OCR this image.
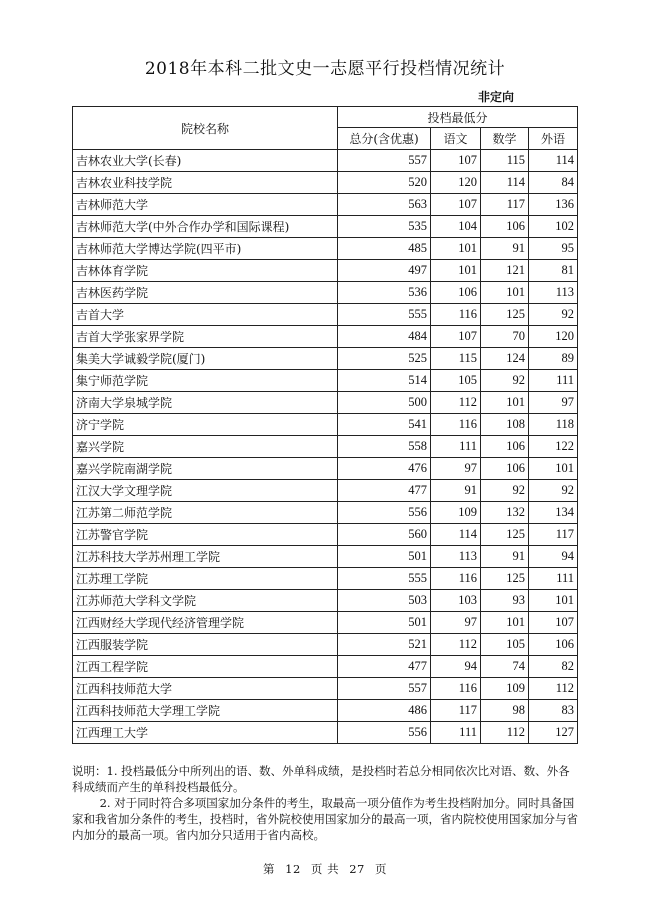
2018年本科二批文史一志愿平行投档情况统计
非定向
院校名称	投档最低分			
	总分(含优惠)	语文	数学	外语
吉林农业大学(长春)	557	107	115	114
吉林农业科技学院	520	120	114	84
吉林师范大学	563	107	117	136
吉林师范大学(中外合作办学和国际课程)	535	104	106	102
吉林师范大学博达学院(四平市)	485	101	91	95
吉林体育学院	497	101	121	81
吉林医药学院	536	106	101	113
吉首大学	555	116	125	92
吉首大学张家界学院	484	107	70	120
集美大学诚毅学院(厦门)	525	115	124	89
集宁师范学院	514	105	92	111
济南大学泉城学院	500	112	101	97
济宁学院	541	116	108	118
嘉兴学院	558	111	106	122
嘉兴学院南湖学院	476	97	106	101
江汉大学文理学院	477	91	92	92
江苏第二师范学院	556	109	132	134
江苏警官学院	560	114	125	117
江苏科技大学苏州理工学院	501	113	91	94
江苏理工学院	555	116	125	111
江苏师范大学科文学院	503	103	93	101
江西财经大学现代经济管理学院	501	97	101	107
江西服装学院	521	112	105	106
江西工程学院	477	94	74	82
江西科技师范大学	557	116	109	112
江西科技师范大学理工学院	486	117	98	83
江西理工大学	556	111	112	127

说明：1. 投档最低分中所列出的语、数、外单科成绩，是投档时若总分相同依次比对语、数、外各科成绩而产生的单科投档最低分。

2. 对于同时符合多项国家加分条件的考生，取最高一项分值作为考生投档附加分。同时具备国家和我省加分条件的考生，投档时，省外院校使用国家加分的最高一项，省内院校使用国家加分与省内加分的最高一项。省内加分只适用于省内高校。

第 12 页 共 27 页
